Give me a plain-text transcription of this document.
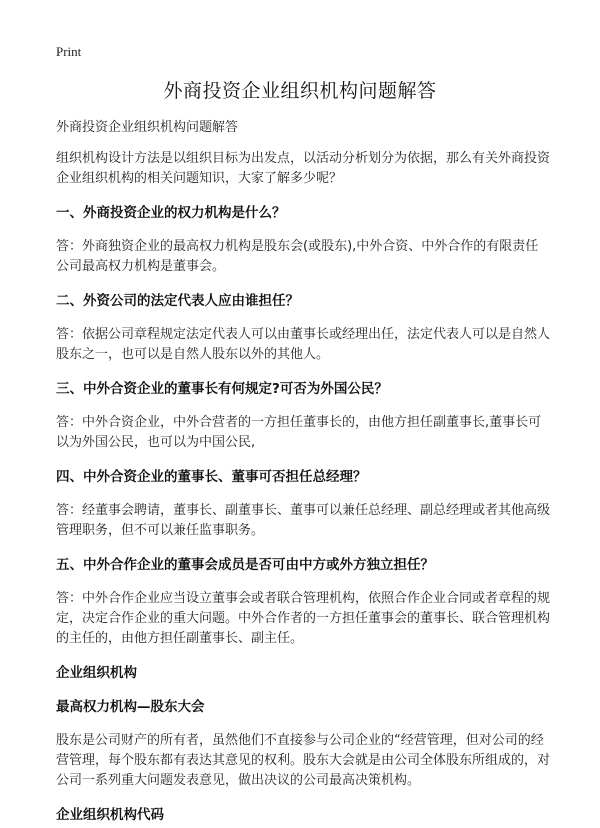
Print
外商投资企业组织机构问题解答

外商投资企业组织机构问题解答

组织机构设计方法是以组织目标为出发点，以活动分析划分为依据，那么有关外商投资企业组织机构的相关问题知识，大家了解多少呢？

一、外商投资企业的权力机构是什么？

答：外商独资企业的最高权力机构是股东会(或股东),中外合资、中外合作的有限责任公司最高权力机构是董事会。

二、外资公司的法定代表人应由谁担任？

答：依据公司章程规定法定代表人可以由董事长或经理出任，法定代表人可以是自然人股东之一，也可以是自然人股东以外的其他人。

三、中外合资企业的董事长有何规定?可否为外国公民？

答：中外合资企业，中外合营者的一方担任董事长的，由他方担任副董事长,董事长可以为外国公民，也可以为中国公民,

四、中外合资企业的董事长、董事可否担任总经理？

答：经董事会聘请，董事长、副董事长、董事可以兼任总经理、副总经理或者其他高级管理职务，但不可以兼任监事职务。

五、中外合作企业的董事会成员是否可由中方或外方独立担任？

答：中外合作企业应当设立董事会或者联合管理机构，依照合作企业合同或者章程的规定，决定合作企业的重大问题。中外合作者的一方担任董事会的董事长、联合管理机构的主任的，由他方担任副董事长、副主任。

企业组织机构

最高权力机构—股东大会

股东是公司财产的所有者，虽然他们不直接参与公司企业的“经营管理，但对公司的经营管理，每个股东都有表达其意见的权利。股东大会就是由公司全体股东所组成的，对公司一系列重大问题发表意见，做出决议的公司最高决策机构。

企业组织机构代码
